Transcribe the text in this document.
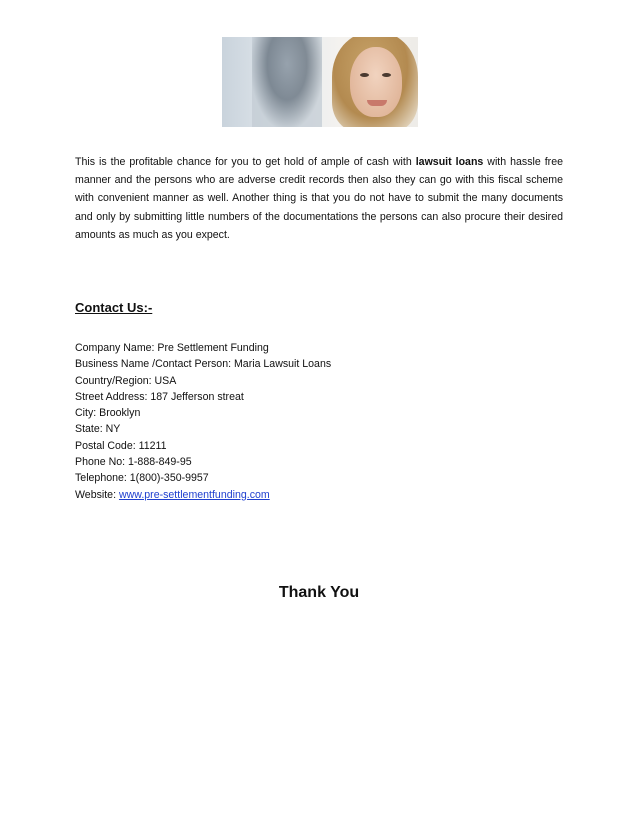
This is the profitable chance for you to get hold of ample of cash with lawsuit loans with hassle free manner and the persons who are adverse credit records then also they can go with this fiscal scheme with convenient manner as well. Another thing is that you do not have to submit the many documents and only by submitting little numbers of the documentations the persons can also procure their desired amounts as much as you expect.

Contact Us:-
Company Name: Pre Settlement Funding
Business Name /Contact Person: Maria Lawsuit Loans
Country/Region: USA
Street Address: 187 Jefferson streat
City: Brooklyn
State: NY
Postal Code: 11211
Phone No: 1-888-849-95
Telephone: 1(800)-350-9957
Website: www.pre-settlementfunding.com
Thank You
